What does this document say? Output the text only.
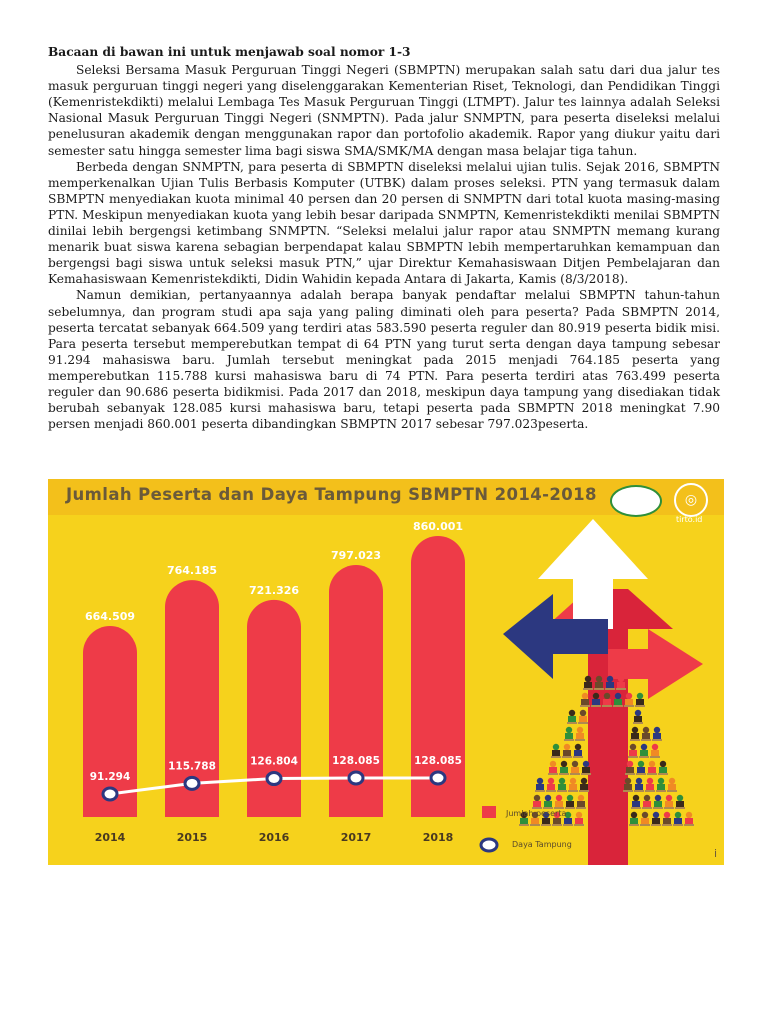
Bacaan di bawan ini untuk menjawab soal nomor 1-3

Seleksi Bersama Masuk Perguruan Tinggi Negeri (SBMPTN) merupakan salah satu dari dua jalur tes masuk perguruan tinggi negeri yang diselenggarakan Kementerian Riset, Teknologi, dan Pendidikan Tinggi (Kemenristekdikti) melalui Lembaga Tes Masuk Perguruan Tinggi (LTMPT). Jalur tes lainnya adalah Seleksi Nasional Masuk Perguruan Tinggi Negeri (SNMPTN). Pada jalur SNMPTN, para peserta diseleksi melalui penelusuran akademik dengan menggunakan rapor dan portofolio akademik. Rapor yang diukur yaitu dari semester satu hingga semester lima bagi siswa SMA/SMK/MA dengan masa belajar tiga tahun.

Berbeda dengan SNMPTN, para peserta di SBMPTN diseleksi melalui ujian tulis. Sejak 2016, SBMPTN memperkenalkan Ujian Tulis Berbasis Komputer (UTBK) dalam proses seleksi. PTN yang termasuk dalam SBMPTN menyediakan kuota minimal 40 persen dan 20 persen di SNMPTN dari total kuota masing-masing PTN. Meskipun menyediakan kuota yang lebih besar daripada SNMPTN, Kemenristekdikti menilai SBMPTN dinilai lebih bergengsi ketimbang SNMPTN. “Seleksi melalui jalur rapor atau SNMPTN memang kurang menarik buat siswa karena sebagian berpendapat kalau SBMPTN lebih mempertaruhkan kemampuan dan bergengsi bagi siswa untuk seleksi masuk PTN,” ujar Direktur Kemahasiswaan Ditjen Pembelajaran dan Kemahasiswaan Kemenristekdikti, Didin Wahidin kepada Antara di Jakarta, Kamis (8/3/2018).

Namun demikian, pertanyaannya adalah berapa banyak pendaftar melalui SBMPTN tahun-tahun sebelumnya, dan program studi apa saja yang paling diminati oleh para peserta? Pada SBMPTN 2014, peserta tercatat sebanyak 664.509 yang terdiri atas 583.590 peserta reguler dan 80.919 peserta bidik misi. Para peserta tersebut memperebutkan tempat di 64 PTN yang turut serta dengan daya tampung sebesar 91.294 mahasiswa baru. Jumlah tersebut meningkat pada 2015 menjadi 764.185 peserta yang memperebutkan 115.788 kursi mahasiswa baru di 74 PTN. Para peserta terdiri atas 763.499 peserta reguler dan 90.686 peserta bidikmisi. Pada 2017 dan 2018, meskipun daya tampung yang disediakan tidak berubah sebanyak 128.085 kursi mahasiswa baru, tetapi peserta pada SBMPTN 2018 meningkat 7.90 persen menjadi 860.001 peserta dibandingkan SBMPTN 2017 sebesar 797.023peserta.

Jumlah Peserta dan Daya Tampung SBMPTN 2014-2018	◎
tirto.id
664.509
2014
91.294
764.185
2015
115.788
721.326
2016
126.804
797.023
2017
128.085
860.001
2018
128.085
i
Jumlah peserta
Daya Tampung
